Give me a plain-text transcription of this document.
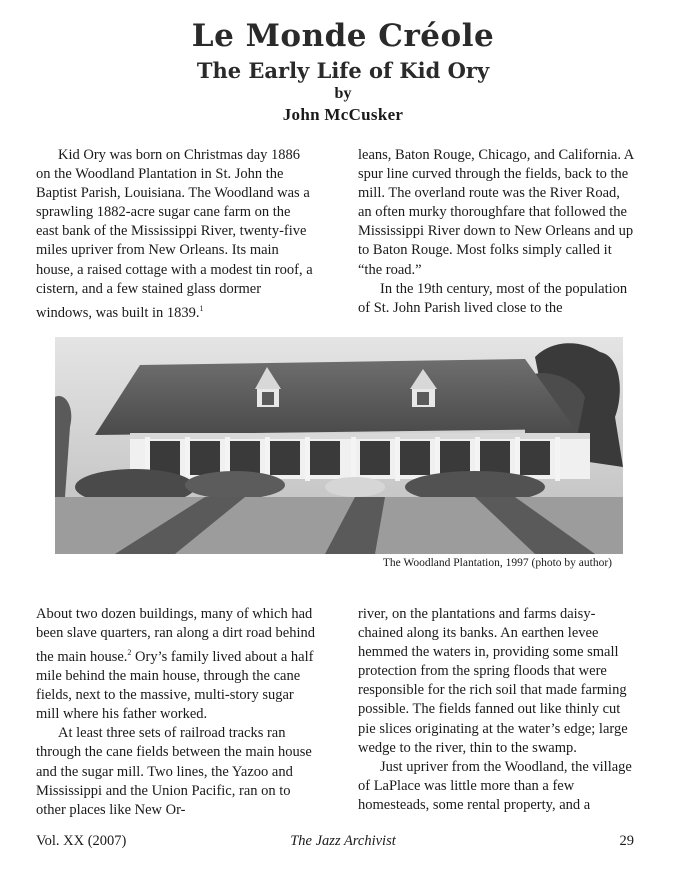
Le Monde Créole
The Early Life of Kid Ory
by
John McCusker

Kid Ory was born on Christmas day 1886 on the Woodland Plantation in St. John the Baptist Parish, Louisiana. The Woodland was a sprawling 1882-acre sugar cane farm on the east bank of the Mississippi River, twenty-five miles upriver from New Orleans. Its main house, a raised cottage with a modest tin roof, a cistern, and a few stained glass dormer windows, was built in 1839.$^1$

leans, Baton Rouge, Chicago, and California. A spur line curved through the fields, back to the mill. The overland route was the River Road, an often murky thoroughfare that followed the Mississippi River down to New Orleans and up to Baton Rouge. Most folks simply called it “the road.”

In the 19th century, most of the population of St. John Parish lived close to the

The Woodland Plantation, 1997 (photo by author)

About two dozen buildings, many of which had been slave quarters, ran along a dirt road behind the main house.$^2$ Ory’s family lived about a half mile behind the main house, through the cane fields, next to the massive, multi-story sugar mill where his father worked.

At least three sets of railroad tracks ran through the cane fields between the main house and the sugar mill. Two lines, the Yazoo and Mississippi and the Union Pacific, ran on to other places like New Or-

river, on the plantations and farms daisy-chained along its banks. An earthen levee hemmed the waters in, providing some small protection from the spring floods that were responsible for the rich soil that made farming possible. The fields fanned out like thinly cut pie slices originating at the water’s edge; large wedge to the river, thin to the swamp.

Just upriver from the Woodland, the village of LaPlace was little more than a few homesteads, some rental property, and a

Vol. XX (2007)	The Jazz Archivist	29
